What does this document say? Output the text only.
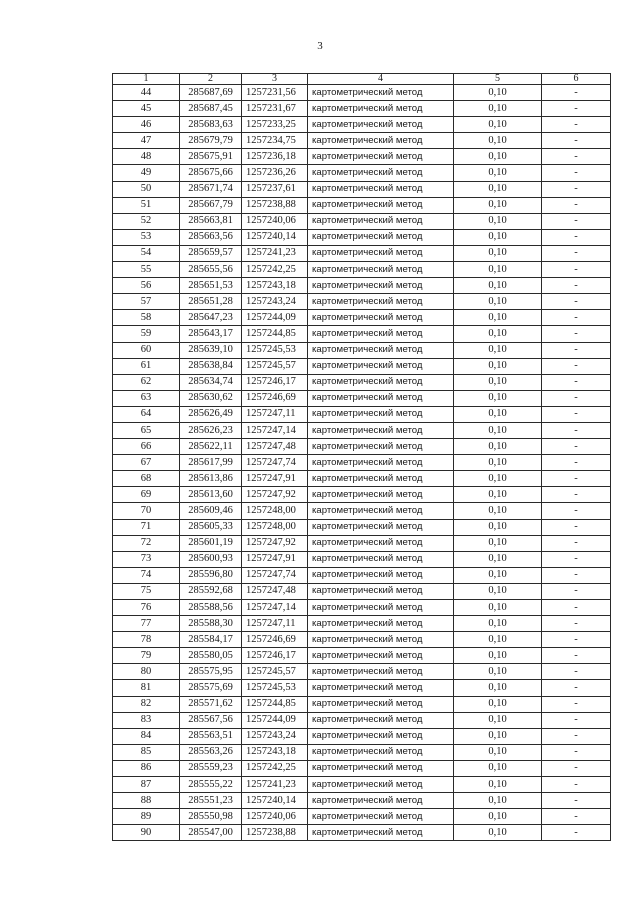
3
1	2	3	4	5	6
44	285687,69	1257231,56	картометрический метод	0,10	-
45	285687,45	1257231,67	картометрический метод	0,10	-
46	285683,63	1257233,25	картометрический метод	0,10	-
47	285679,79	1257234,75	картометрический метод	0,10	-
48	285675,91	1257236,18	картометрический метод	0,10	-
49	285675,66	1257236,26	картометрический метод	0,10	-
50	285671,74	1257237,61	картометрический метод	0,10	-
51	285667,79	1257238,88	картометрический метод	0,10	-
52	285663,81	1257240,06	картометрический метод	0,10	-
53	285663,56	1257240,14	картометрический метод	0,10	-
54	285659,57	1257241,23	картометрический метод	0,10	-
55	285655,56	1257242,25	картометрический метод	0,10	-
56	285651,53	1257243,18	картометрический метод	0,10	-
57	285651,28	1257243,24	картометрический метод	0,10	-
58	285647,23	1257244,09	картометрический метод	0,10	-
59	285643,17	1257244,85	картометрический метод	0,10	-
60	285639,10	1257245,53	картометрический метод	0,10	-
61	285638,84	1257245,57	картометрический метод	0,10	-
62	285634,74	1257246,17	картометрический метод	0,10	-
63	285630,62	1257246,69	картометрический метод	0,10	-
64	285626,49	1257247,11	картометрический метод	0,10	-
65	285626,23	1257247,14	картометрический метод	0,10	-
66	285622,11	1257247,48	картометрический метод	0,10	-
67	285617,99	1257247,74	картометрический метод	0,10	-
68	285613,86	1257247,91	картометрический метод	0,10	-
69	285613,60	1257247,92	картометрический метод	0,10	-
70	285609,46	1257248,00	картометрический метод	0,10	-
71	285605,33	1257248,00	картометрический метод	0,10	-
72	285601,19	1257247,92	картометрический метод	0,10	-
73	285600,93	1257247,91	картометрический метод	0,10	-
74	285596,80	1257247,74	картометрический метод	0,10	-
75	285592,68	1257247,48	картометрический метод	0,10	-
76	285588,56	1257247,14	картометрический метод	0,10	-
77	285588,30	1257247,11	картометрический метод	0,10	-
78	285584,17	1257246,69	картометрический метод	0,10	-
79	285580,05	1257246,17	картометрический метод	0,10	-
80	285575,95	1257245,57	картометрический метод	0,10	-
81	285575,69	1257245,53	картометрический метод	0,10	-
82	285571,62	1257244,85	картометрический метод	0,10	-
83	285567,56	1257244,09	картометрический метод	0,10	-
84	285563,51	1257243,24	картометрический метод	0,10	-
85	285563,26	1257243,18	картометрический метод	0,10	-
86	285559,23	1257242,25	картометрический метод	0,10	-
87	285555,22	1257241,23	картометрический метод	0,10	-
88	285551,23	1257240,14	картометрический метод	0,10	-
89	285550,98	1257240,06	картометрический метод	0,10	-
90	285547,00	1257238,88	картометрический метод	0,10	-
